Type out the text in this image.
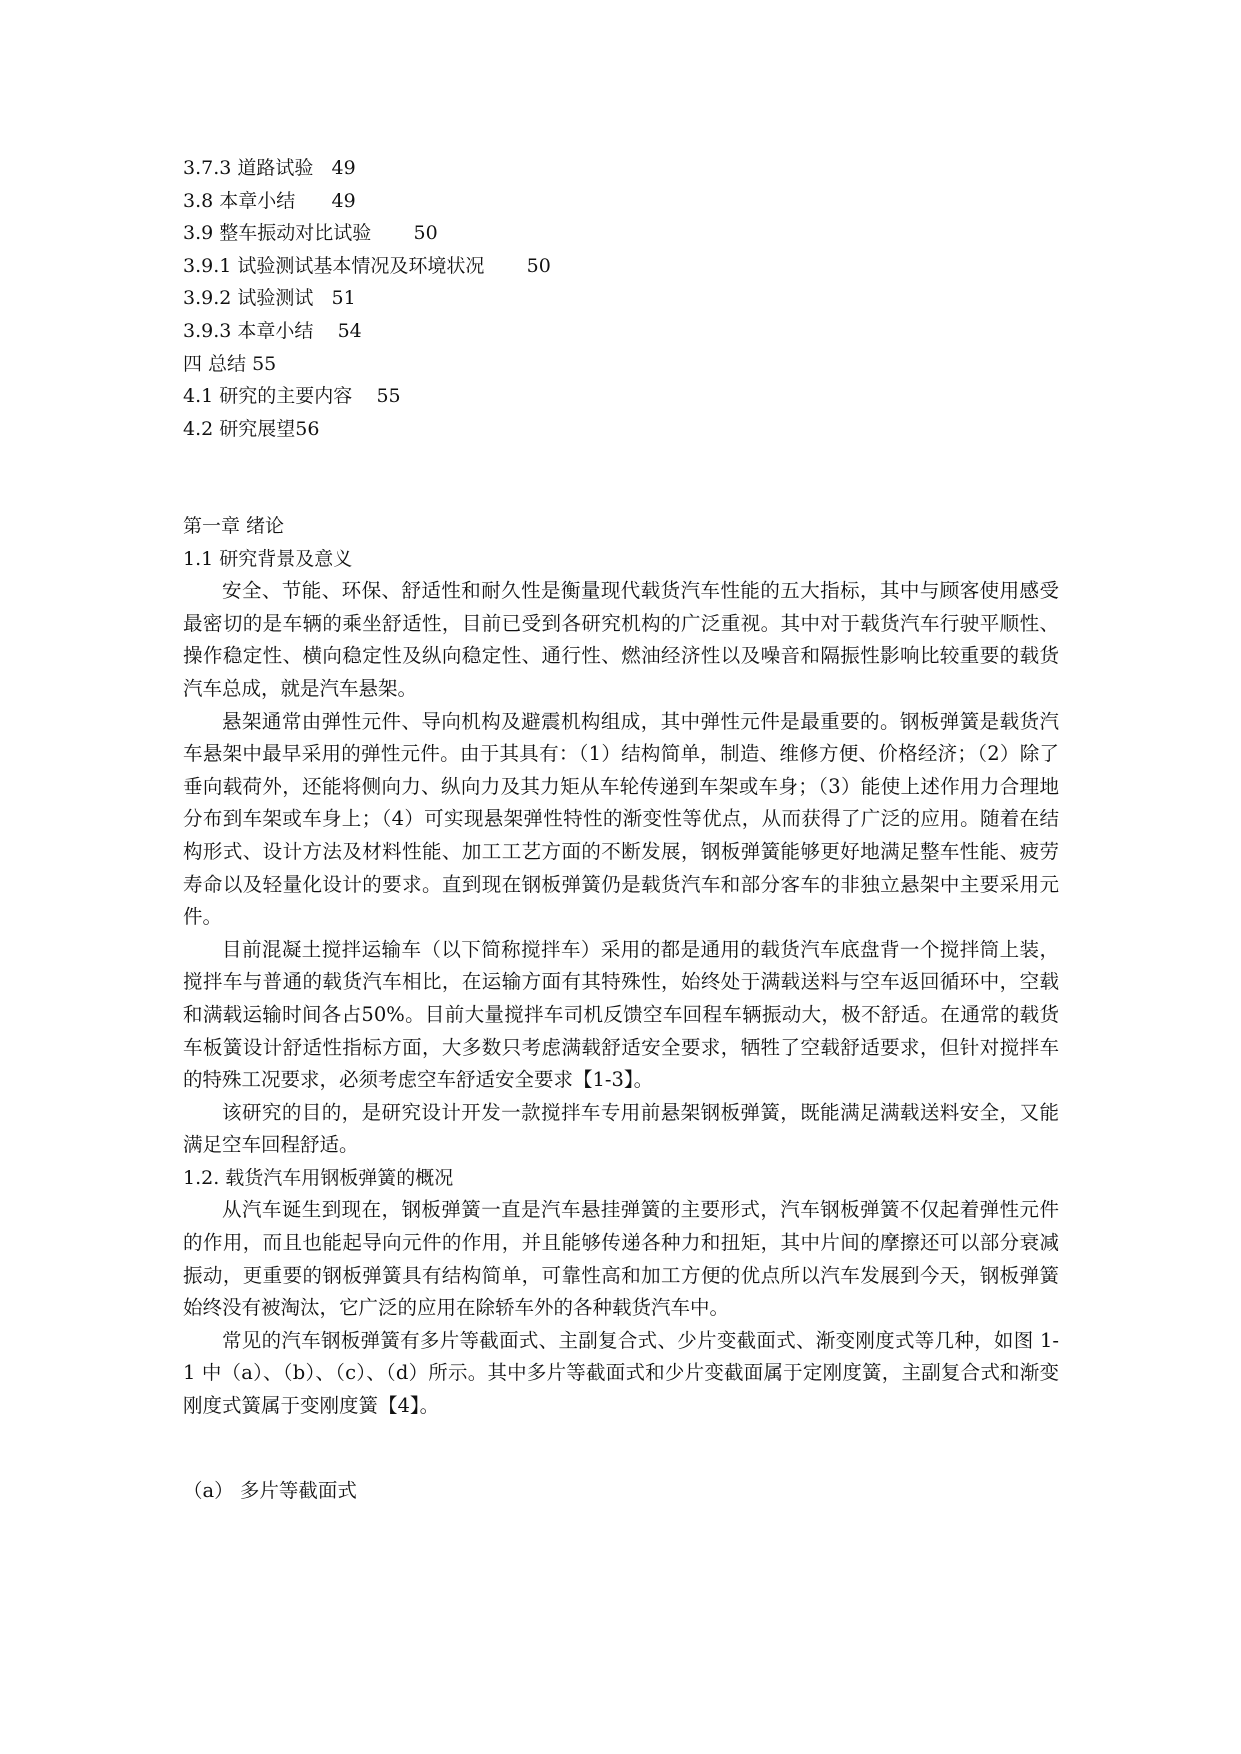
3.7.3 道路试验 49
3.8 本章小结 49
3.9 整车振动对比试验 50
3.9.1 试验测试基本情况及环境状况 50
3.9.2 试验测试 51
3.9.3 本章小结 54
四 总结 55
4.1 研究的主要内容 55
4.2 研究展望56
第一章 绪论
1.1 研究背景及意义

安全、节能、环保、舒适性和耐久性是衡量现代载货汽车性能的五大指标，其中与顾客使用感受最密切的是车辆的乘坐舒适性，目前已受到各研究机构的广泛重视。其中对于载货汽车行驶平顺性、操作稳定性、横向稳定性及纵向稳定性、通行性、燃油经济性以及噪音和隔振性影响比较重要的载货汽车总成，就是汽车悬架。

悬架通常由弹性元件、导向机构及避震机构组成，其中弹性元件是最重要的。钢板弹簧是载货汽车悬架中最早采用的弹性元件。由于其具有：（1）结构简单，制造、维修方便、价格经济；（2）除了垂向载荷外，还能将侧向力、纵向力及其力矩从车轮传递到车架或车身；（3）能使上述作用力合理地分布到车架或车身上；（4）可实现悬架弹性特性的渐变性等优点，从而获得了广泛的应用。随着在结构形式、设计方法及材料性能、加工工艺方面的不断发展，钢板弹簧能够更好地满足整车性能、疲劳寿命以及轻量化设计的要求。直到现在钢板弹簧仍是载货汽车和部分客车的非独立悬架中主要采用元件。

目前混凝土搅拌运输车（以下简称搅拌车）采用的都是通用的载货汽车底盘背一个搅拌筒上装，搅拌车与普通的载货汽车相比，在运输方面有其特殊性，始终处于满载送料与空车返回循环中，空载和满载运输时间各占50%。目前大量搅拌车司机反馈空车回程车辆振动大，极不舒适。在通常的载货车板簧设计舒适性指标方面，大多数只考虑满载舒适安全要求，牺牲了空载舒适要求，但针对搅拌车的特殊工况要求，必须考虑空车舒适安全要求【1-3】。

该研究的目的，是研究设计开发一款搅拌车专用前悬架钢板弹簧，既能满足满载送料安全，又能满足空车回程舒适。

1.2. 载货汽车用钢板弹簧的概况

从汽车诞生到现在，钢板弹簧一直是汽车悬挂弹簧的主要形式，汽车钢板弹簧不仅起着弹性元件的作用，而且也能起导向元件的作用，并且能够传递各种力和扭矩，其中片间的摩擦还可以部分衰减振动，更重要的钢板弹簧具有结构简单，可靠性高和加工方便的优点所以汽车发展到今天，钢板弹簧始终没有被淘汰，它广泛的应用在除轿车外的各种载货汽车中。

常见的汽车钢板弹簧有多片等截面式、主副复合式、少片变截面式、渐变刚度式等几种，如图 1-1 中（a）、（b）、（c）、（d）所示。其中多片等截面式和少片变截面属于定刚度簧，主副复合式和渐变刚度式簧属于变刚度簧【4】。

（a） 多片等截面式
